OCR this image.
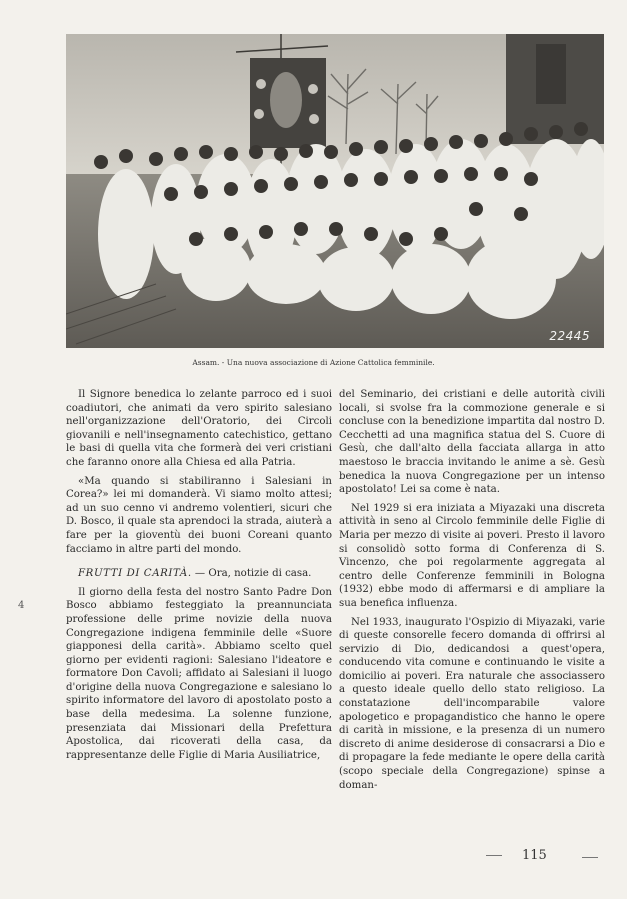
22445
Assam. - Una nuova associazione di Azione Cattolica femminile.

Il Signore benedica lo zelante parroco ed i suoi coadiutori, che animati da vero spirito salesiano nell'organizzazione dell'Oratorio, dei Circoli giovanili e nell'insegnamento catechistico, gettano le basi di quella vita che formerà dei veri cristiani che faranno onore alla Chiesa ed alla Patria.

«Ma quando si stabiliranno i Salesiani in Corea?» lei mi domanderà. Vi siamo molto attesi; ad un suo cenno vi andremo volentieri, sicuri che D. Bosco, il quale sta aprendoci la strada, aiuterà a fare per la gioventù dei buoni Coreani quanto facciamo in altre parti del mondo.

FRUTTI DI CARITÀ. — Ora, notizie di casa.

Il giorno della festa del nostro Santo Padre Don Bosco abbiamo festeggiato la preannunciata professione delle prime novizie della nuova Congregazione indigena femminile delle «Suore giapponesi della carità». Abbiamo scelto quel giorno per evidenti ragioni: Salesiano l'ideatore e formatore Don Cavoli; affidato ai Salesiani il luogo d'origine della nuova Congregazione e salesiano lo spirito informatore del lavoro di apostolato posto a base della medesima. La solenne funzione, presenziata dai Missionari della Prefettura Apostolica, dai ricoverati della casa, da rappresentanze delle Figlie di Maria Ausiliatrice,

del Seminario, dei cristiani e delle autorità civili locali, si svolse fra la commozione generale e si concluse con la benedizione impartita dal nostro D. Cecchetti ad una magnifica statua del S. Cuore di Gesù, che dall'alto della facciata allarga in atto maestoso le braccia invitando le anime a sè. Gesù benedica la nuova Congregazione per un intenso apostolato! Lei sa come è nata.

Nel 1929 si era iniziata a Miyazaki una discreta attività in seno al Circolo femminile delle Figlie di Maria per mezzo di visite ai poveri. Presto il lavoro si consolidò sotto forma di Conferenza di S. Vincenzo, che poi regolarmente aggregata al centro delle Conferenze femminili in Bologna (1932) ebbe modo di affermarsi e di ampliare la sua benefica influenza.

Nel 1933, inaugurato l'Ospizio di Miyazaki, varie di queste consorelle fecero domanda di offrirsi al servizio di Dio, dedicandosi a quest'opera, conducendo vita comune e continuando le visite a domicilio ai poveri. Era naturale che associassero a questo ideale quello dello stato religioso. La constatazione dell'incomparabile valore apologetico e propagandistico che hanno le opere di carità in missione, e la presenza di un numero discreto di anime desiderose di consacrarsi a Dio e di propagare la fede mediante le opere della carità (scopo speciale della Congregazione) spinse a doman-

4
115
